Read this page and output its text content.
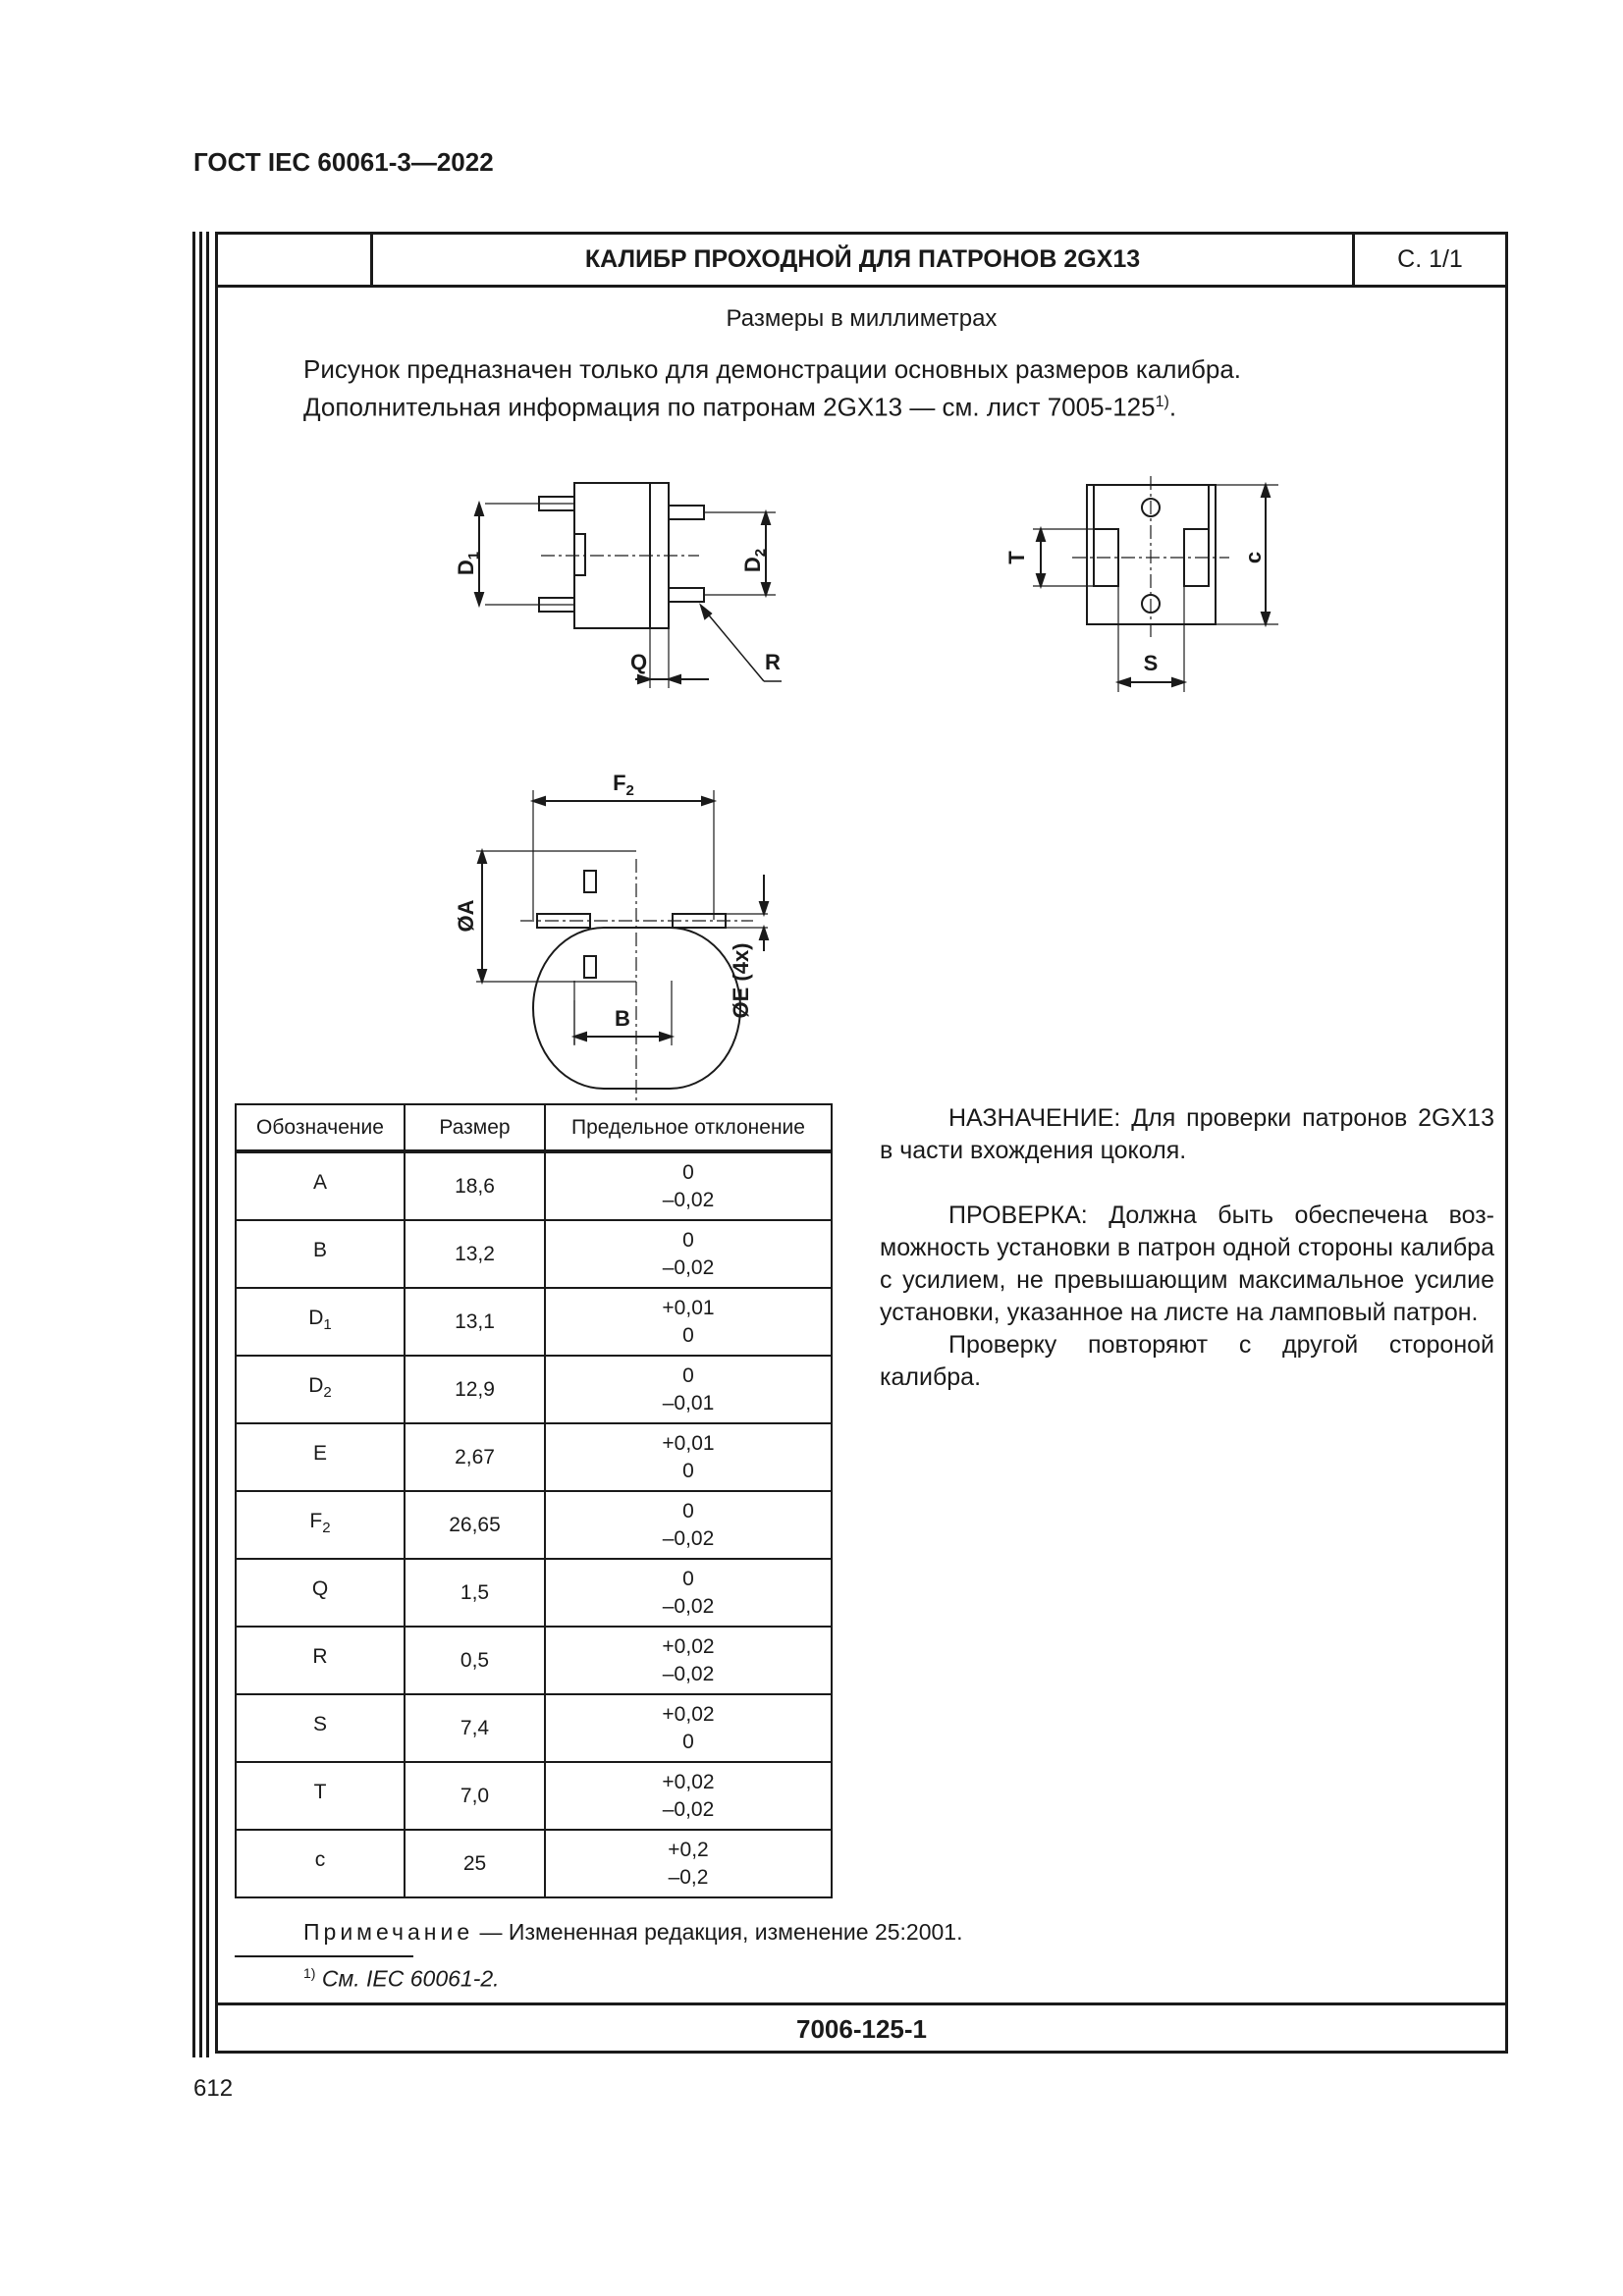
ГОСТ IEC 60061-3—2022
КАЛИБР ПРОХОДНОЙ ДЛЯ ПАТРОНОВ 2GX13	С. 1/1
Размеры в миллиметрах
Рисунок предназначен только для демонстрации основных размеров калибра.
Дополнительная информация по патронам 2GX13 — см. лист 7005-125$^{1)}$.
$D_1$
$D_2$
Q	R
T	c
S
$F_2$
ØA
ØE (4x)
B
Обозначение	Размер	Предельное отклонение
A	18,6	0
–0,02

B	13,2	0
–0,02

$D_1$	13,1	+0,01
0

$D_2$	12,9	0
–0,01

E	2,67	+0,01
0

$F_2$	26,65	0
–0,02

Q	1,5	0
–0,02

R	0,5	+0,02
–0,02

S	7,4	+0,02
0

T	7,0	+0,02
–0,02

c	25	+0,2
–0,2

НАЗНАЧЕНИЕ: Для проверки патронов 2GX13 в части вхождения цоколя.

ПРОВЕРКА: Должна быть обеспечена возможность установки в патрон одной стороны калибра с усилием, не превышающим максимальное усилие установки, указанное на листе на ламповый патрон.

Проверку повторяют с другой стороной калибра.

Примечание — Измененная редакция, изменение 25:2001.
$^{1)}$ См. IEC 60061-2.
7006-125-1
612
